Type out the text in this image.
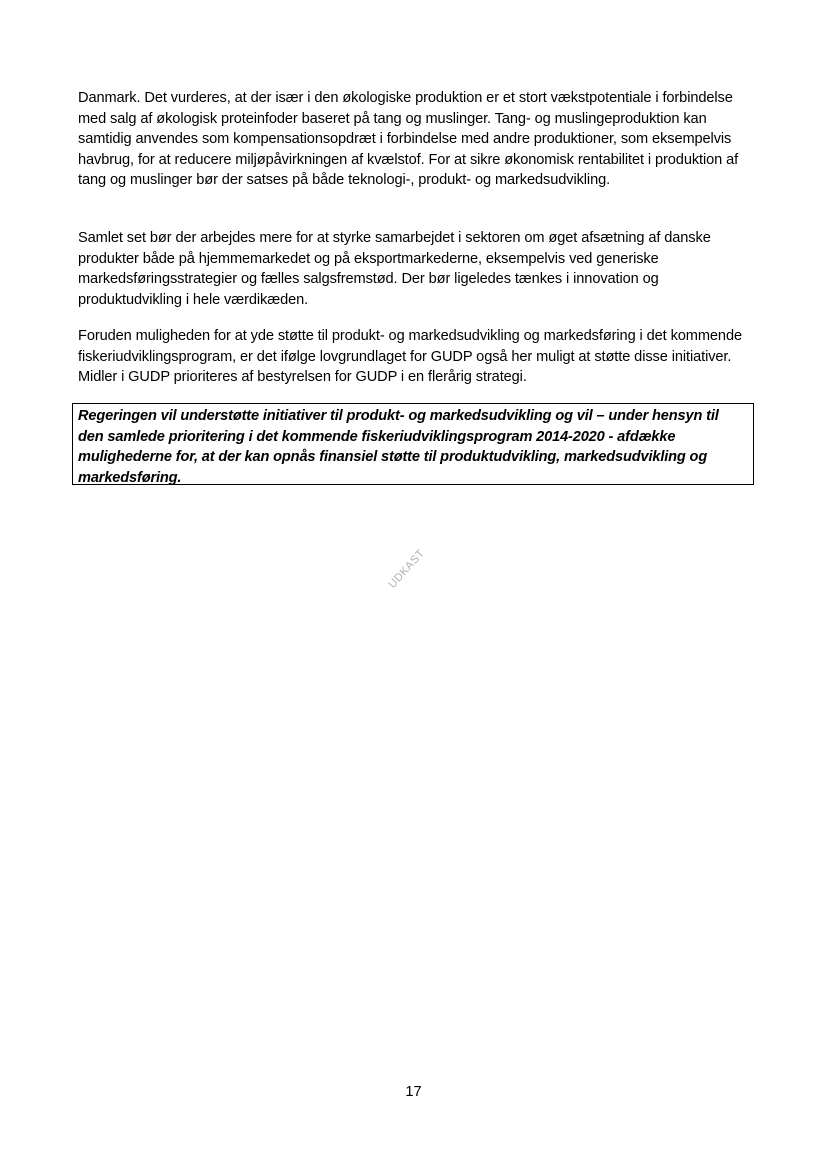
Danmark. Det vurderes, at der især i den økologiske produktion er et stort vækstpotentiale i forbindelse med salg af økologisk proteinfoder baseret på tang og muslinger. Tang- og muslingeproduktion kan samtidig anvendes som kompensationsopdræt i forbindelse med andre produktioner, som eksempelvis havbrug, for at reducere miljøpåvirkningen af kvælstof. For at sikre økonomisk rentabilitet i produktion af tang og muslinger bør der satses på både teknologi-, produkt- og markedsudvikling.

Samlet set bør der arbejdes mere for at styrke samarbejdet i sektoren om øget afsætning af danske produkter både på hjemmemarkedet og på eksportmarkederne, eksempelvis ved generiske markedsføringsstrategier og fælles salgsfremstød. Der bør ligeledes tænkes i innovation og produktudvikling i hele værdikæden.

Foruden muligheden for at yde støtte til produkt- og markedsudvikling og markedsføring i det kommende fiskeriudviklingsprogram, er det ifølge lovgrundlaget for GUDP også her muligt at støtte disse initiativer. Midler i GUDP prioriteres af bestyrelsen for GUDP i en flerårig strategi.

Regeringen vil understøtte initiativer til produkt- og markedsudvikling og vil – under hensyn til den samlede prioritering i det kommende fiskeriudviklingsprogram 2014-2020 - afdække mulighederne for, at der kan opnås finansiel støtte til produktudvikling, markedsudvikling og markedsføring.
UDKAST
17
